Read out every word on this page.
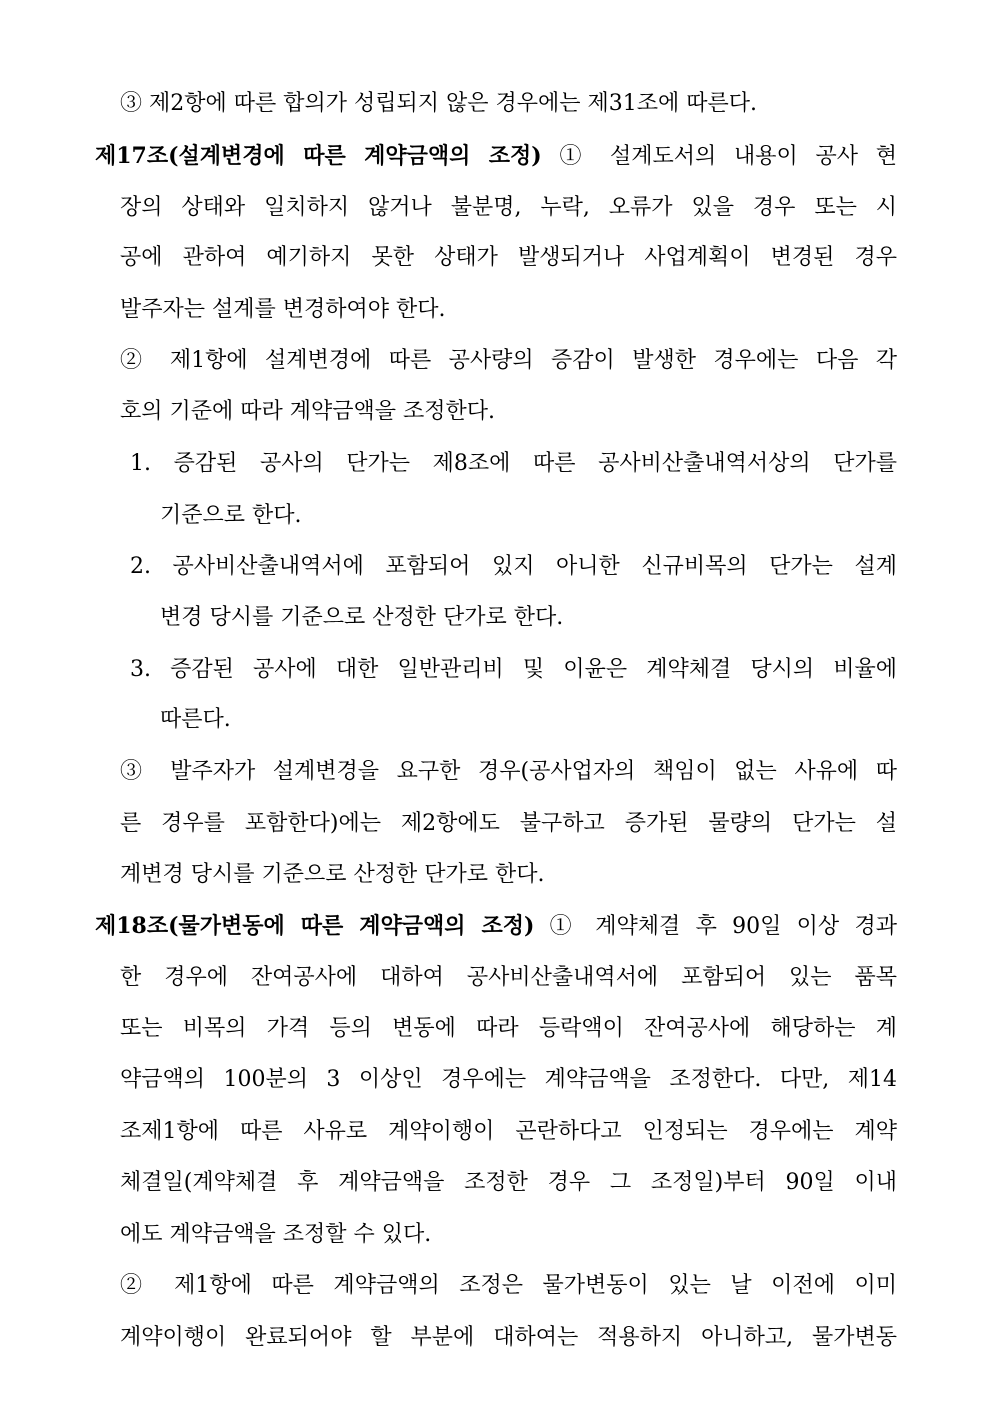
③ 제2항에 따른 합의가 성립되지 않은 경우에는 제31조에 따른다.
제17조(설계변경에 따른 계약금액의 조정) ① 설계도서의 내용이 공사 현
장의 상태와 일치하지 않거나 불분명, 누락, 오류가 있을 경우 또는 시
공에 관하여 예기하지 못한 상태가 발생되거나 사업계획이 변경된 경우
발주자는 설계를 변경하여야 한다.
② 제1항에 설계변경에 따른 공사량의 증감이 발생한 경우에는 다음 각
호의 기준에 따라 계약금액을 조정한다.
1. 증감된 공사의 단가는 제8조에 따른 공사비산출내역서상의 단가를
기준으로 한다.
2. 공사비산출내역서에 포함되어 있지 아니한 신규비목의 단가는 설계
변경 당시를 기준으로 산정한 단가로 한다.
3. 증감된 공사에 대한 일반관리비 및 이윤은 계약체결 당시의 비율에
따른다.
③ 발주자가 설계변경을 요구한 경우(공사업자의 책임이 없는 사유에 따
른 경우를 포함한다)에는 제2항에도 불구하고 증가된 물량의 단가는 설
계변경 당시를 기준으로 산정한 단가로 한다.
제18조(물가변동에 따른 계약금액의 조정) ① 계약체결 후 90일 이상 경과
한 경우에 잔여공사에 대하여 공사비산출내역서에 포함되어 있는 품목
또는 비목의 가격 등의 변동에 따라 등락액이 잔여공사에 해당하는 계
약금액의 100분의 3 이상인 경우에는 계약금액을 조정한다. 다만, 제14
조제1항에 따른 사유로 계약이행이 곤란하다고 인정되는 경우에는 계약
체결일(계약체결 후 계약금액을 조정한 경우 그 조정일)부터 90일 이내
에도 계약금액을 조정할 수 있다.
② 제1항에 따른 계약금액의 조정은 물가변동이 있는 날 이전에 이미
계약이행이 완료되어야 할 부분에 대하여는 적용하지 아니하고, 물가변동
